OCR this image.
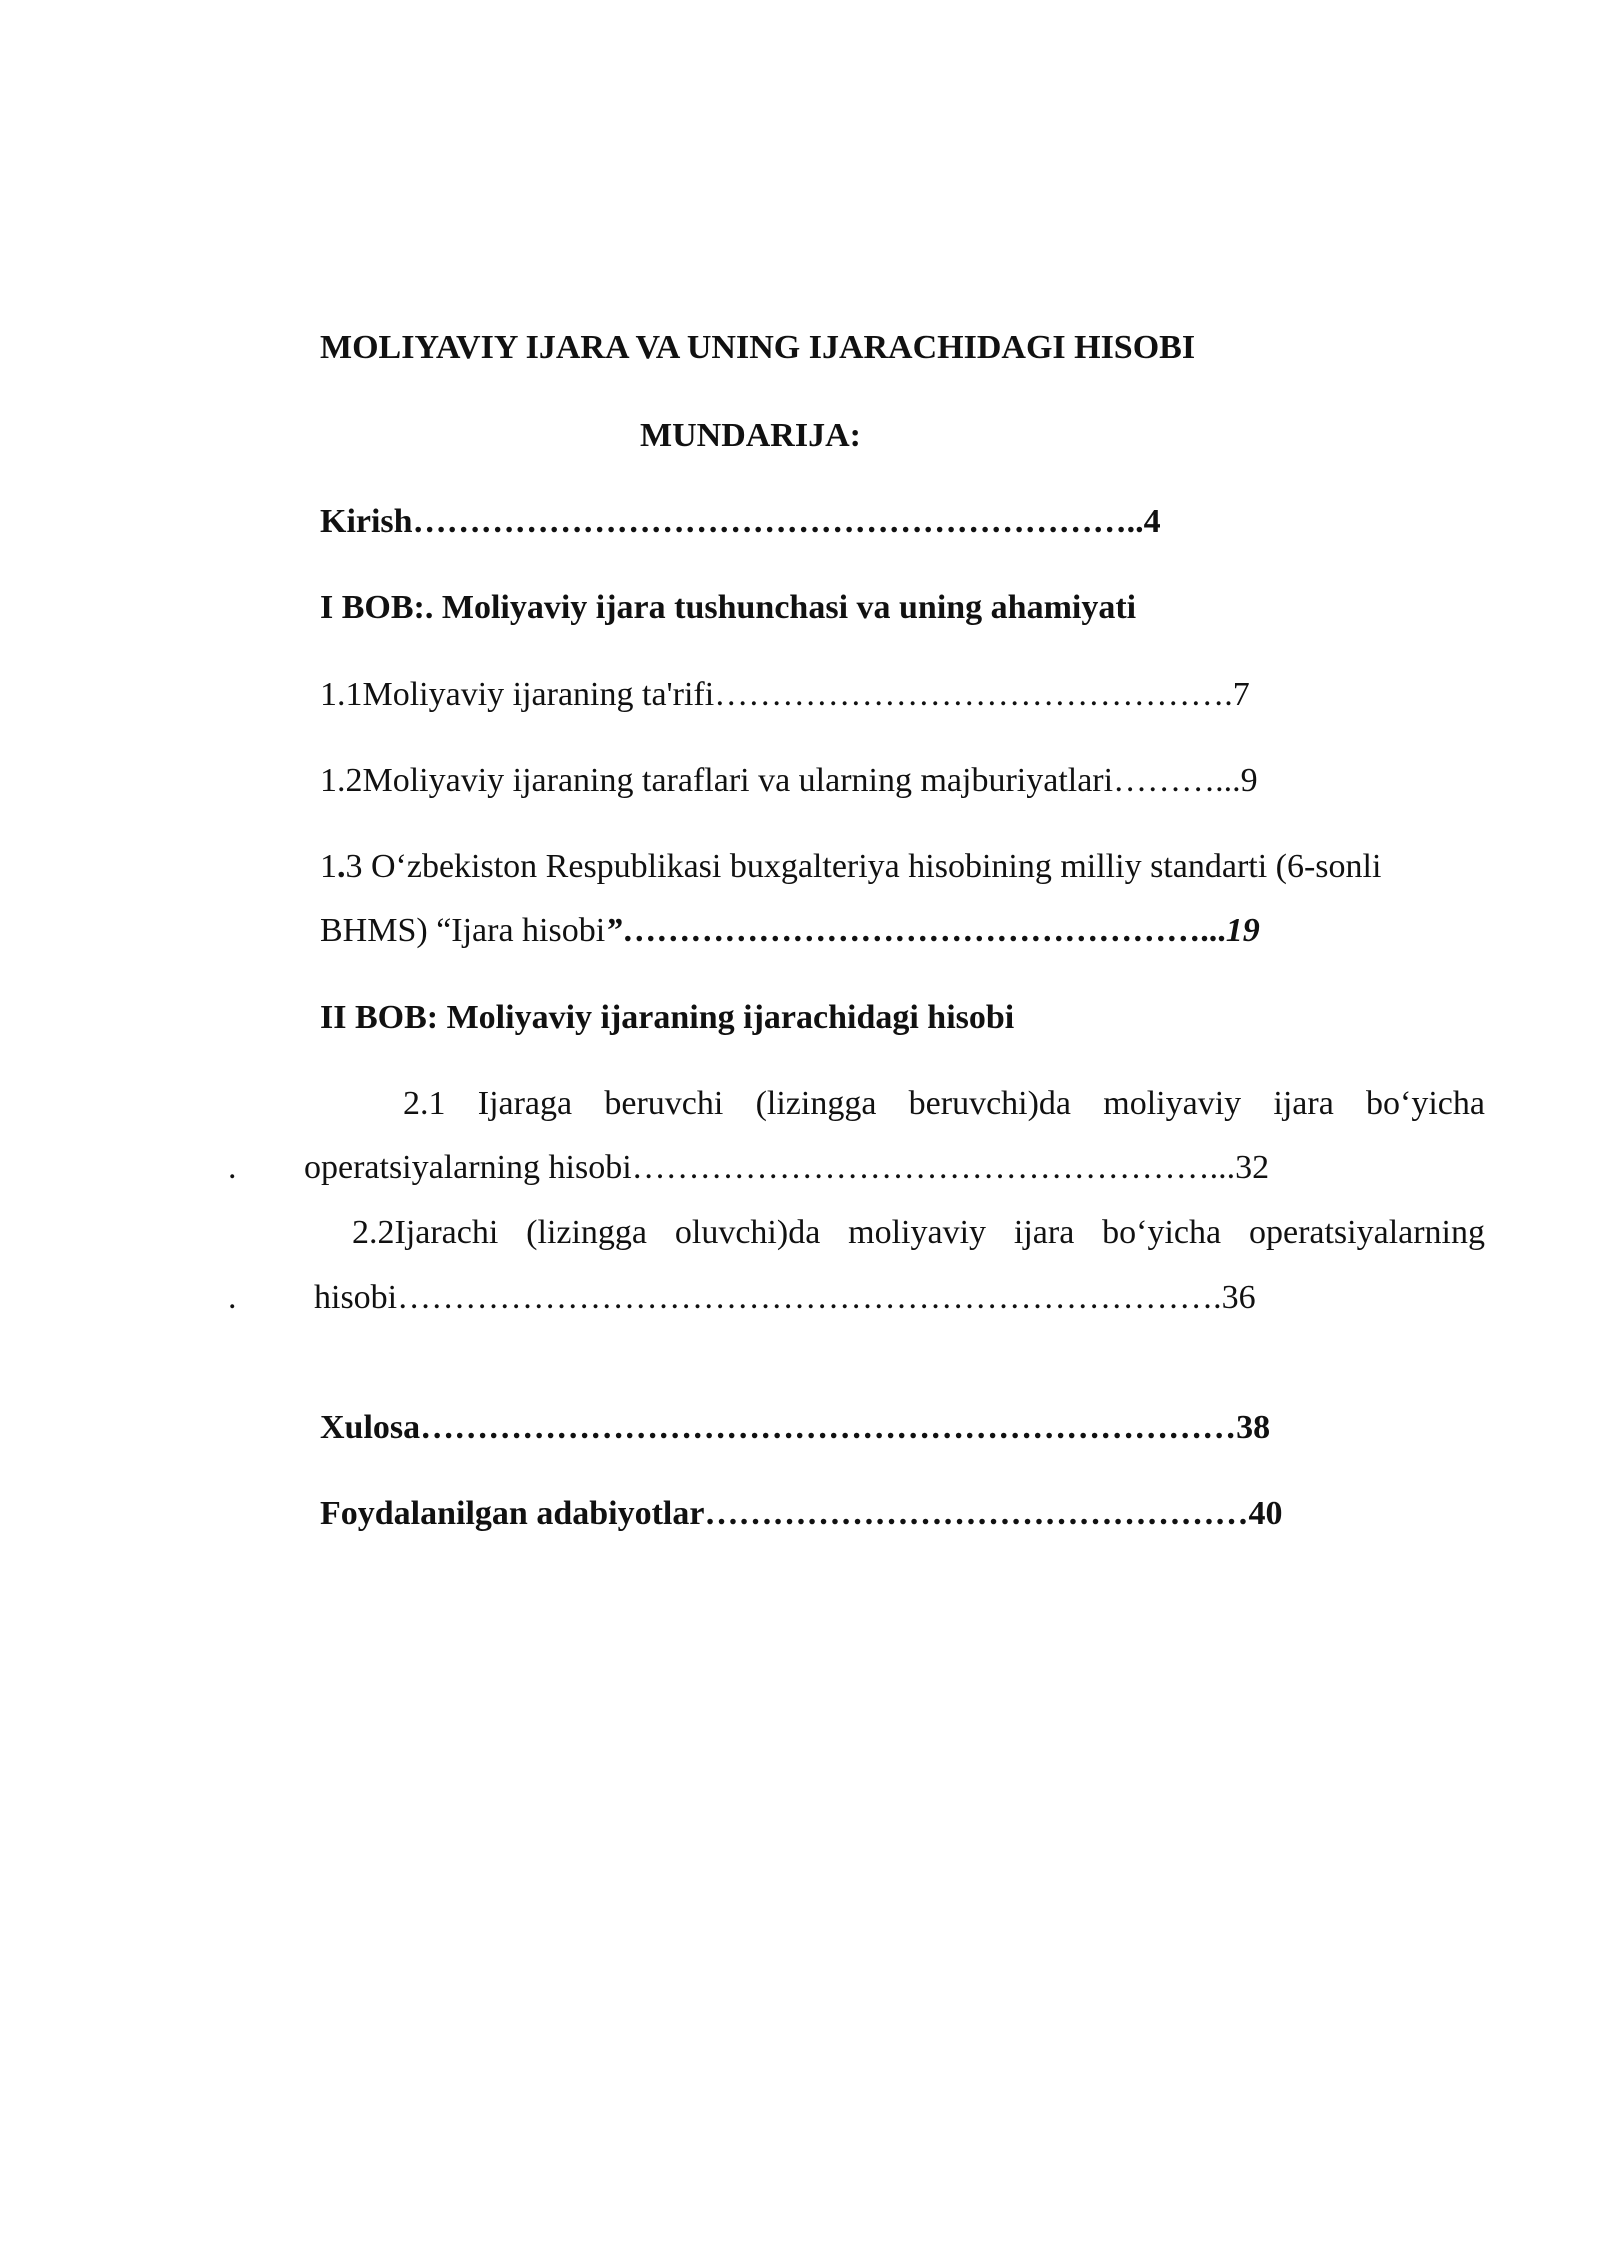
MOLIYAVIY IJARA VA UNING IJARACHIDAGI HISOBI
MUNDARIJA:
Kirish………………………………………………………..4
I BOB:. Moliyaviy ijara tushunchasi va uning ahamiyati
1.1Moliyaviy ijaraning ta'rifi……………………………………….7
1.2Moliyaviy ijaraning taraflari va ularning majburiyatlari………...9
1.3 O‘zbekiston Respublikasi buxgalteriya hisobining milliy standarti (6-sonli
BHMS) “Ijara hisobi”……………………………………………...19
II BOB: Moliyaviy ijaraning ijarachidagi hisobi
2.1 Ijaraga beruvchi (lizingga beruvchi)da moliyaviy ijara bo‘yicha
. operatsiyalarning hisobi……………………………………………...32
2.2Ijarachi (lizingga oluvchi)da moliyaviy ijara bo‘yicha operatsiyalarning
. hisobi……………………………………………………………….36
Xulosa………………………………………………………………38
Foydalanilgan adabiyotlar…………………………………………40
